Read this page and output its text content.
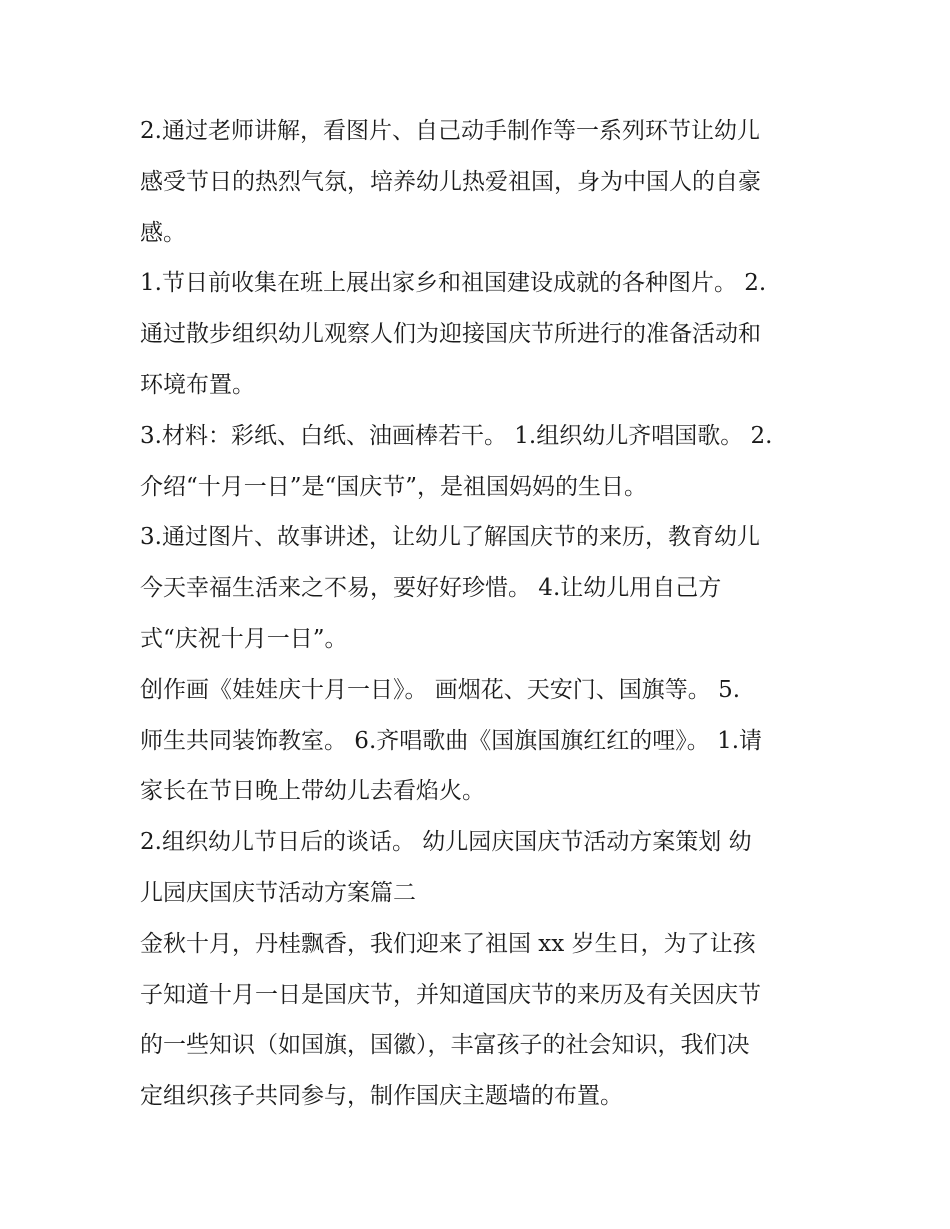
2.通过老师讲解，看图片、自己动手制作等一系列环节让幼儿
感受节日的热烈气氛，培养幼儿热爱祖国，身为中国人的自豪
感。
1.节日前收集在班上展出家乡和祖国建设成就的各种图片。 2.
通过散步组织幼儿观察人们为迎接国庆节所进行的准备活动和
环境布置。
3.材料：彩纸、白纸、油画棒若干。 1.组织幼儿齐唱国歌。 2.
介绍“十月一日”是“国庆节”，是祖国妈妈的生日。
3.通过图片、故事讲述，让幼儿了解国庆节的来历，教育幼儿
今天幸福生活来之不易，要好好珍惜。 4.让幼儿用自己方
式“庆祝十月一日”。
创作画《娃娃庆十月一日》。 画烟花、天安门、国旗等。 5.
师生共同装饰教室。 6.齐唱歌曲《国旗国旗红红的哩》。 1.请
家长在节日晚上带幼儿去看焰火。
2.组织幼儿节日后的谈话。 幼儿园庆国庆节活动方案策划 幼
儿园庆国庆节活动方案篇二
金秋十月，丹桂飘香，我们迎来了祖国 xx 岁生日，为了让孩
子知道十月一日是国庆节，并知道国庆节的来历及有关因庆节
的一些知识（如国旗，国徽），丰富孩子的社会知识，我们决
定组织孩子共同参与，制作国庆主题墙的布置。
